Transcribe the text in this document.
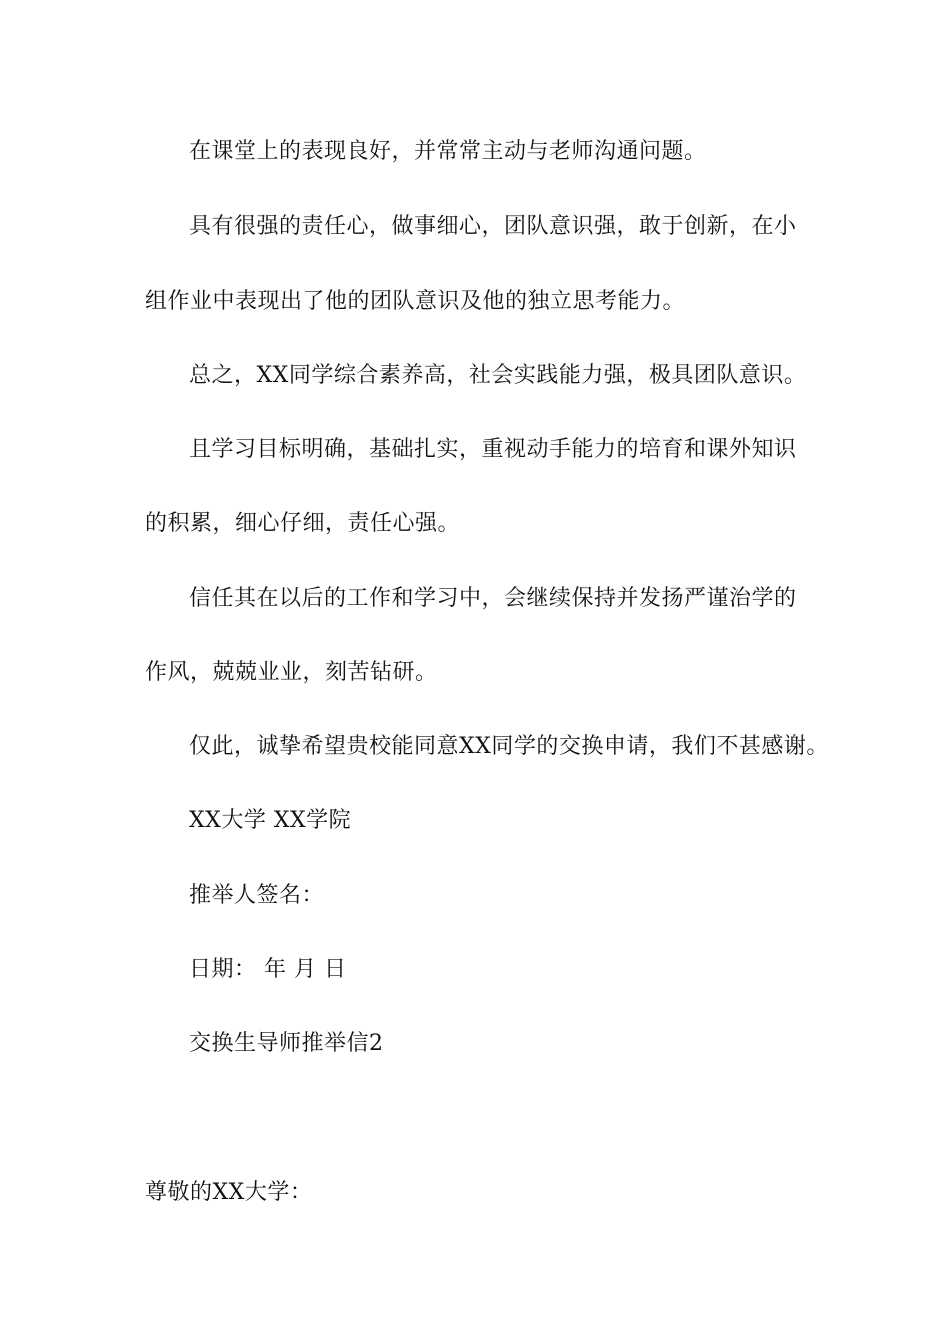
在课堂上的表现良好，并常常主动与老师沟通问题。
具有很强的责任心，做事细心，团队意识强，敢于创新，在小
组作业中表现出了他的团队意识及他的独立思考能力。
总之，XX同学综合素养高，社会实践能力强，极具团队意识。
且学习目标明确，基础扎实，重视动手能力的培育和课外知识
的积累，细心仔细，责任心强。
信任其在以后的工作和学习中，会继续保持并发扬严谨治学的
作风，兢兢业业，刻苦钻研。
仅此，诚挚希望贵校能同意XX同学的交换申请，我们不甚感谢。
XX大学 XX学院
推举人签名：
日期： 年 月 日
交换生导师推举信2
尊敬的XX大学：
